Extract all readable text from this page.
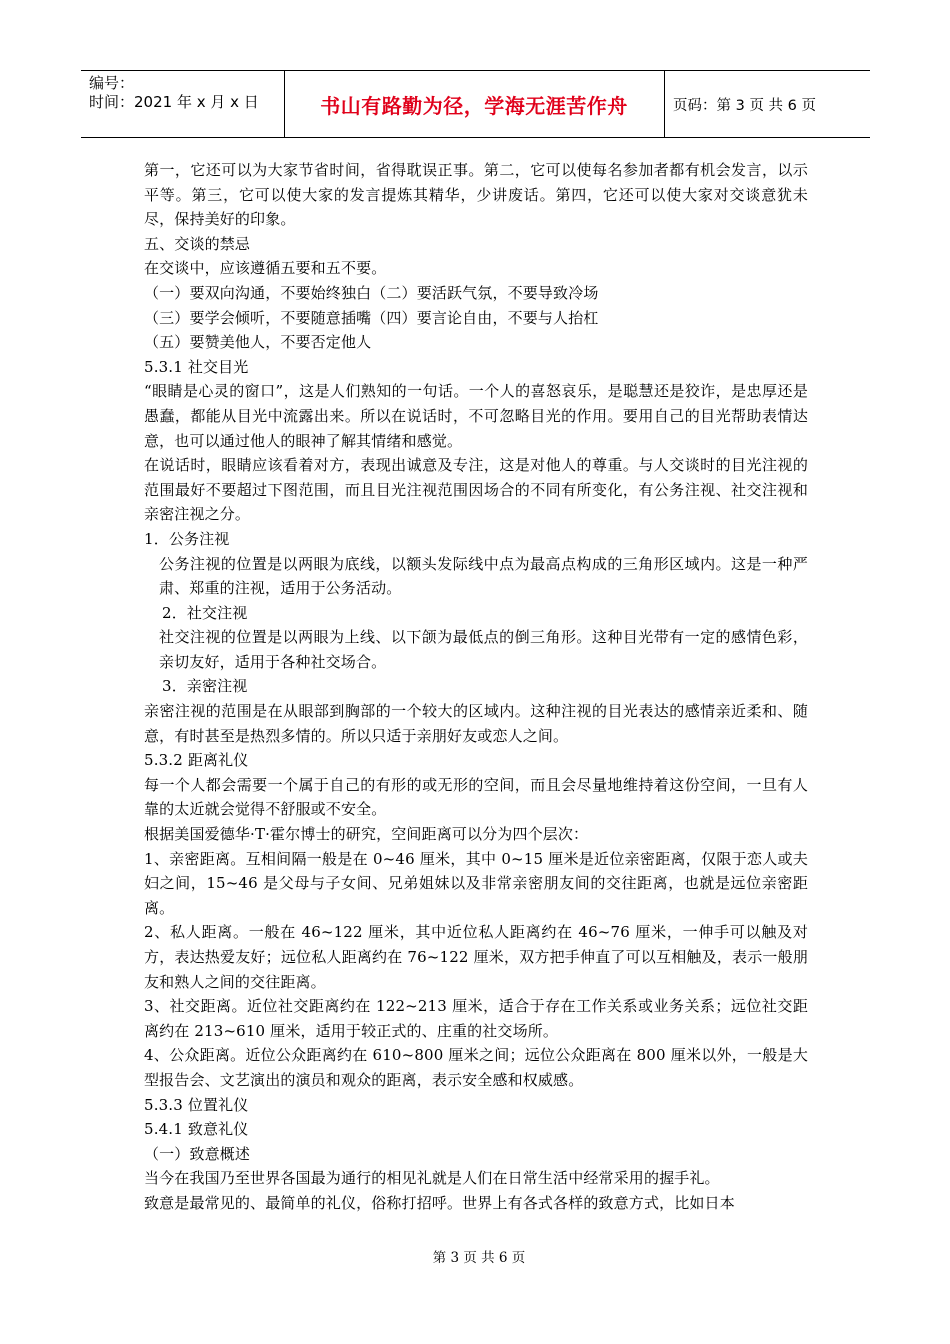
编号：
时间：2021 年 x 月 x 日	书山有路勤为径，学海无涯苦作舟	页码：第 3 页 共 6 页

第一，它还可以为大家节省时间，省得耽误正事。第二，它可以使每名参加者都有机会发言，以示平等。第三，它可以使大家的发言提炼其精华，少讲废话。第四，它还可以使大家对交谈意犹未尽，保持美好的印象。

五、交谈的禁忌

在交谈中，应该遵循五要和五不要。

（一）要双向沟通，不要始终独白（二）要活跃气氛，不要导致冷场

（三）要学会倾听，不要随意插嘴（四）要言论自由，不要与人抬杠

（五）要赞美他人，不要否定他人

5.3.1 社交目光

“眼睛是心灵的窗口”，这是人们熟知的一句话。一个人的喜怒哀乐，是聪慧还是狡诈，是忠厚还是愚蠢，都能从目光中流露出来。所以在说话时，不可忽略目光的作用。要用自己的目光帮助表情达意，也可以通过他人的眼神了解其情绪和感觉。

在说话时，眼睛应该看着对方，表现出诚意及专注，这是对他人的尊重。与人交谈时的目光注视的范围最好不要超过下图范围，而且目光注视范围因场合的不同有所变化，有公务注视、社交注视和亲密注视之分。

1．公务注视

公务注视的位置是以两眼为底线，以额头发际线中点为最高点构成的三角形区域内。这是一种严肃、郑重的注视，适用于公务活动。

2．社交注视

社交注视的位置是以两眼为上线、以下颌为最低点的倒三角形。这种目光带有一定的感情色彩，亲切友好，适用于各种社交场合。

3．亲密注视

亲密注视的范围是在从眼部到胸部的一个较大的区域内。这种注视的目光表达的感情亲近柔和、随意，有时甚至是热烈多情的。所以只适于亲朋好友或恋人之间。

5.3.2 距离礼仪

每一个人都会需要一个属于自己的有形的或无形的空间，而且会尽量地维持着这份空间，一旦有人靠的太近就会觉得不舒服或不安全。

根据美国爱德华·T·霍尔博士的研究，空间距离可以分为四个层次：

1、亲密距离。互相间隔一般是在 0~46 厘米，其中 0~15 厘米是近位亲密距离，仅限于恋人或夫妇之间，15~46 是父母与子女间、兄弟姐妹以及非常亲密朋友间的交往距离，也就是远位亲密距离。

2、私人距离。一般在 46~122 厘米，其中近位私人距离约在 46~76 厘米，一伸手可以触及对方，表达热爱友好；远位私人距离约在 76~122 厘米，双方把手伸直了可以互相触及，表示一般朋友和熟人之间的交往距离。

3、社交距离。近位社交距离约在 122~213 厘米，适合于存在工作关系或业务关系；远位社交距离约在 213~610 厘米，适用于较正式的、庄重的社交场所。

4、公众距离。近位公众距离约在 610~800 厘米之间；远位公众距离在 800 厘米以外，一般是大型报告会、文艺演出的演员和观众的距离，表示安全感和权威感。

5.3.3 位置礼仪

5.4.1 致意礼仪

（一）致意概述

当今在我国乃至世界各国最为通行的相见礼就是人们在日常生活中经常采用的握手礼。

致意是最常见的、最简单的礼仪，俗称打招呼。世界上有各式各样的致意方式，比如日本

第 3 页 共 6 页
